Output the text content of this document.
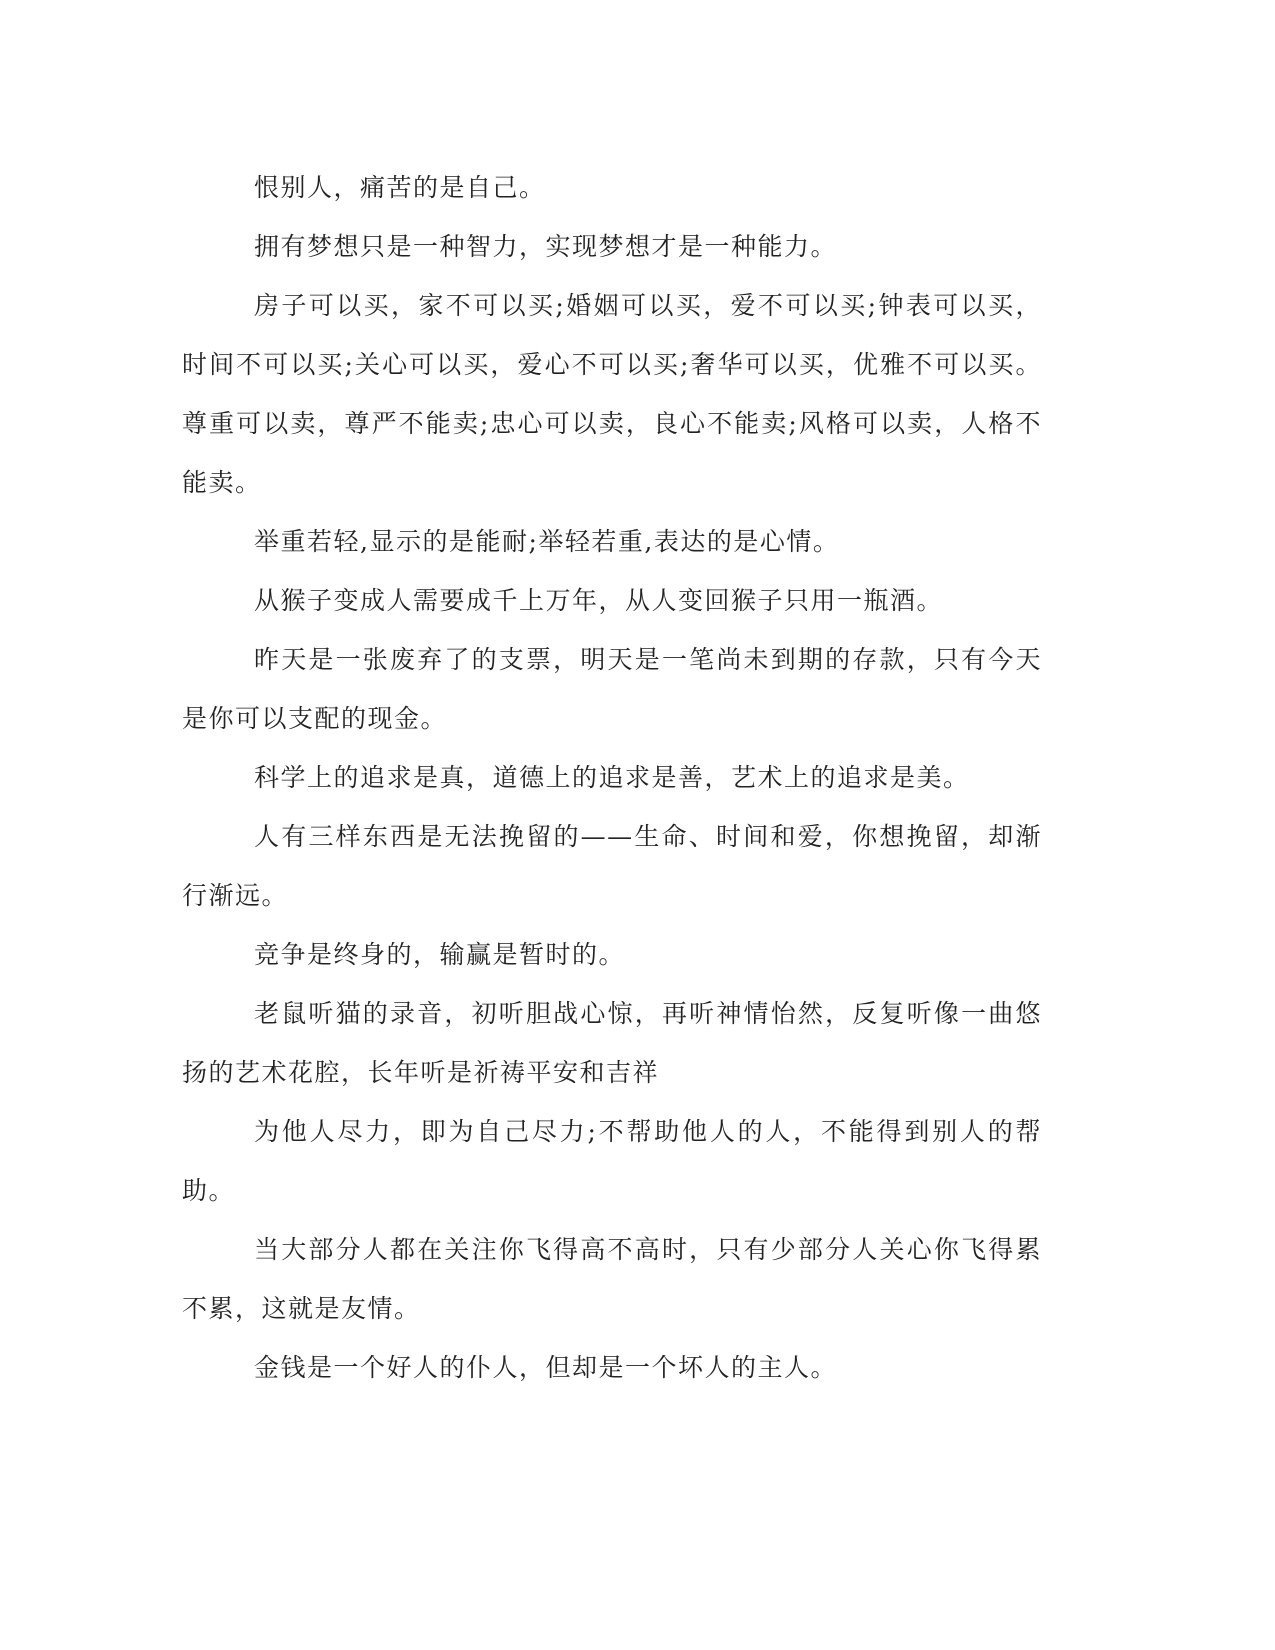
恨别人，痛苦的是自己。

拥有梦想只是一种智力，实现梦想才是一种能力。

房子可以买，家不可以买;婚姻可以买，爱不可以买;钟表可以买，时间不可以买;关心可以买，爱心不可以买;奢华可以买，优雅不可以买。尊重可以卖，尊严不能卖;忠心可以卖，良心不能卖;风格可以卖，人格不能卖。

举重若轻,显示的是能耐;举轻若重,表达的是心情。

从猴子变成人需要成千上万年，从人变回猴子只用一瓶酒。

昨天是一张废弃了的支票，明天是一笔尚未到期的存款，只有今天是你可以支配的现金。

科学上的追求是真，道德上的追求是善，艺术上的追求是美。

人有三样东西是无法挽留的——生命、时间和爱，你想挽留，却渐行渐远。

竞争是终身的，输赢是暂时的。

老鼠听猫的录音，初听胆战心惊，再听神情怡然，反复听像一曲悠扬的艺术花腔，长年听是祈祷平安和吉祥

为他人尽力，即为自己尽力;不帮助他人的人，不能得到别人的帮助。

当大部分人都在关注你飞得高不高时，只有少部分人关心你飞得累不累，这就是友情。

金钱是一个好人的仆人，但却是一个坏人的主人。
